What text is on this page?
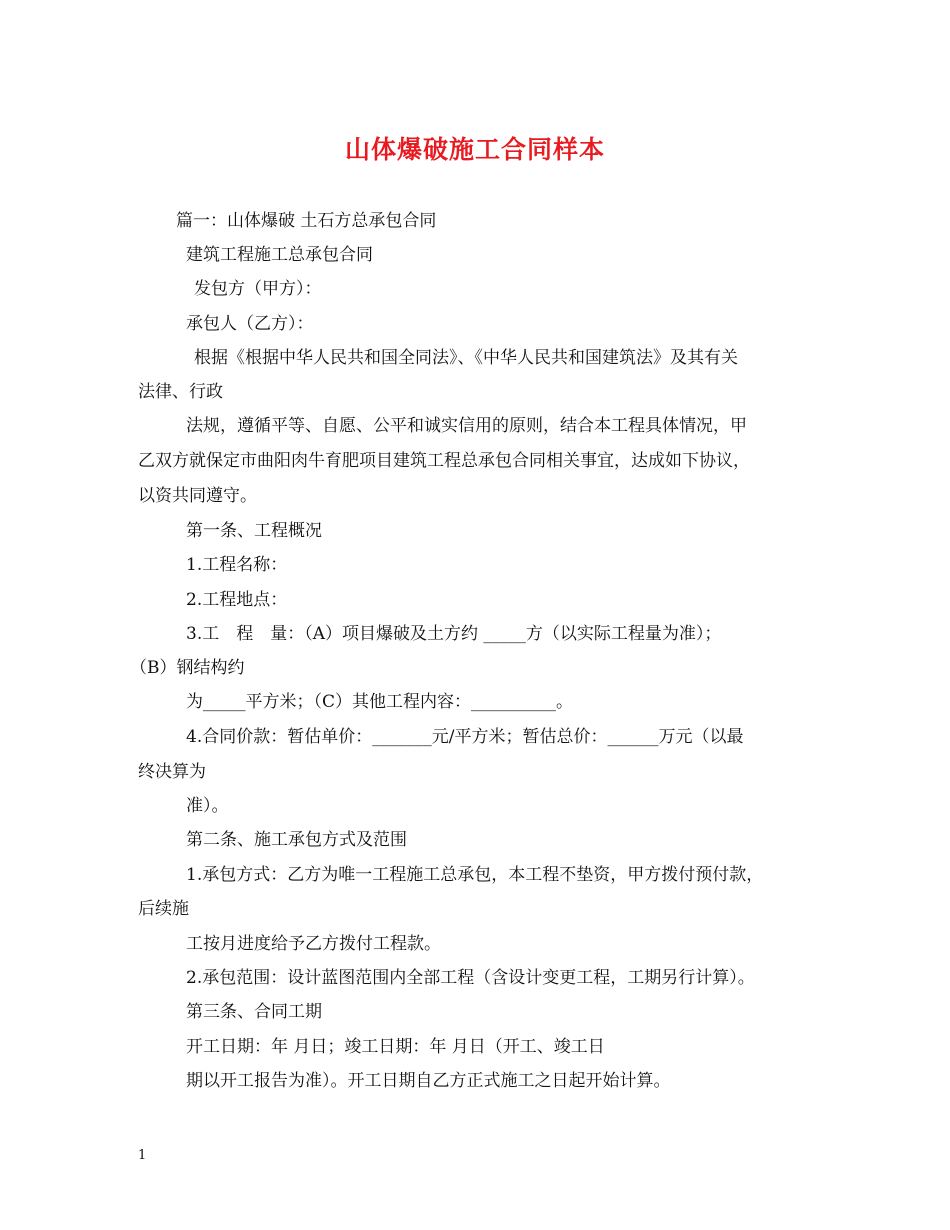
山体爆破施工合同样本
篇一：山体爆破 土石方总承包合同
建筑工程施工总承包合同
发包方（甲方）：
承包人（乙方）：
根据《根据中华人民共和国全同法》、《中华人民共和国建筑法》及其有关
法律、行政
法规，遵循平等、自愿、公平和诚实信用的原则，结合本工程具体情况，甲
乙双方就保定市曲阳肉牛育肥项目建筑工程总承包合同相关事宜，达成如下协议，
以资共同遵守。
第一条、工程概况
1.工程名称：
2.工程地点：
3.工　程　量：（A）项目爆破及土方约 _____方（以实际工程量为准）；
（B）钢结构约
为_____平方米；（C）其他工程内容：__________。
4.合同价款：暂估单价：_______元/平方米；暂估总价：______万元（以最
终决算为
准）。
第二条、施工承包方式及范围
1.承包方式：乙方为唯一工程施工总承包，本工程不垫资，甲方拨付预付款，
后续施
工按月进度给予乙方拨付工程款。
2.承包范围：设计蓝图范围内全部工程（含设计变更工程，工期另行计算）。
第三条、合同工期
开工日期：年 月日；竣工日期：年 月日（开工、竣工日
期以开工报告为准）。开工日期自乙方正式施工之日起开始计算。
1
